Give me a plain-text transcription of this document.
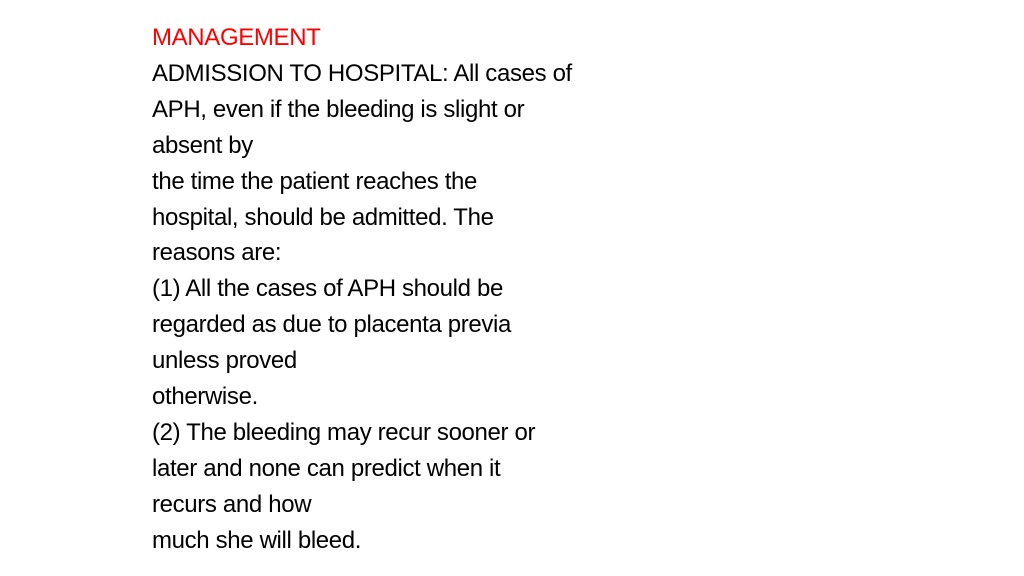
MANAGEMENT
ADMISSION TO HOSPITAL: All cases of
APH, even if the bleeding is slight or
absent by
the time the patient reaches the
hospital, should be admitted. The
reasons are:
(1) All the cases of APH should be
regarded as due to placenta previa
unless proved
otherwise.
(2) The bleeding may recur sooner or
later and none can predict when it
recurs and how
much she will bleed.
